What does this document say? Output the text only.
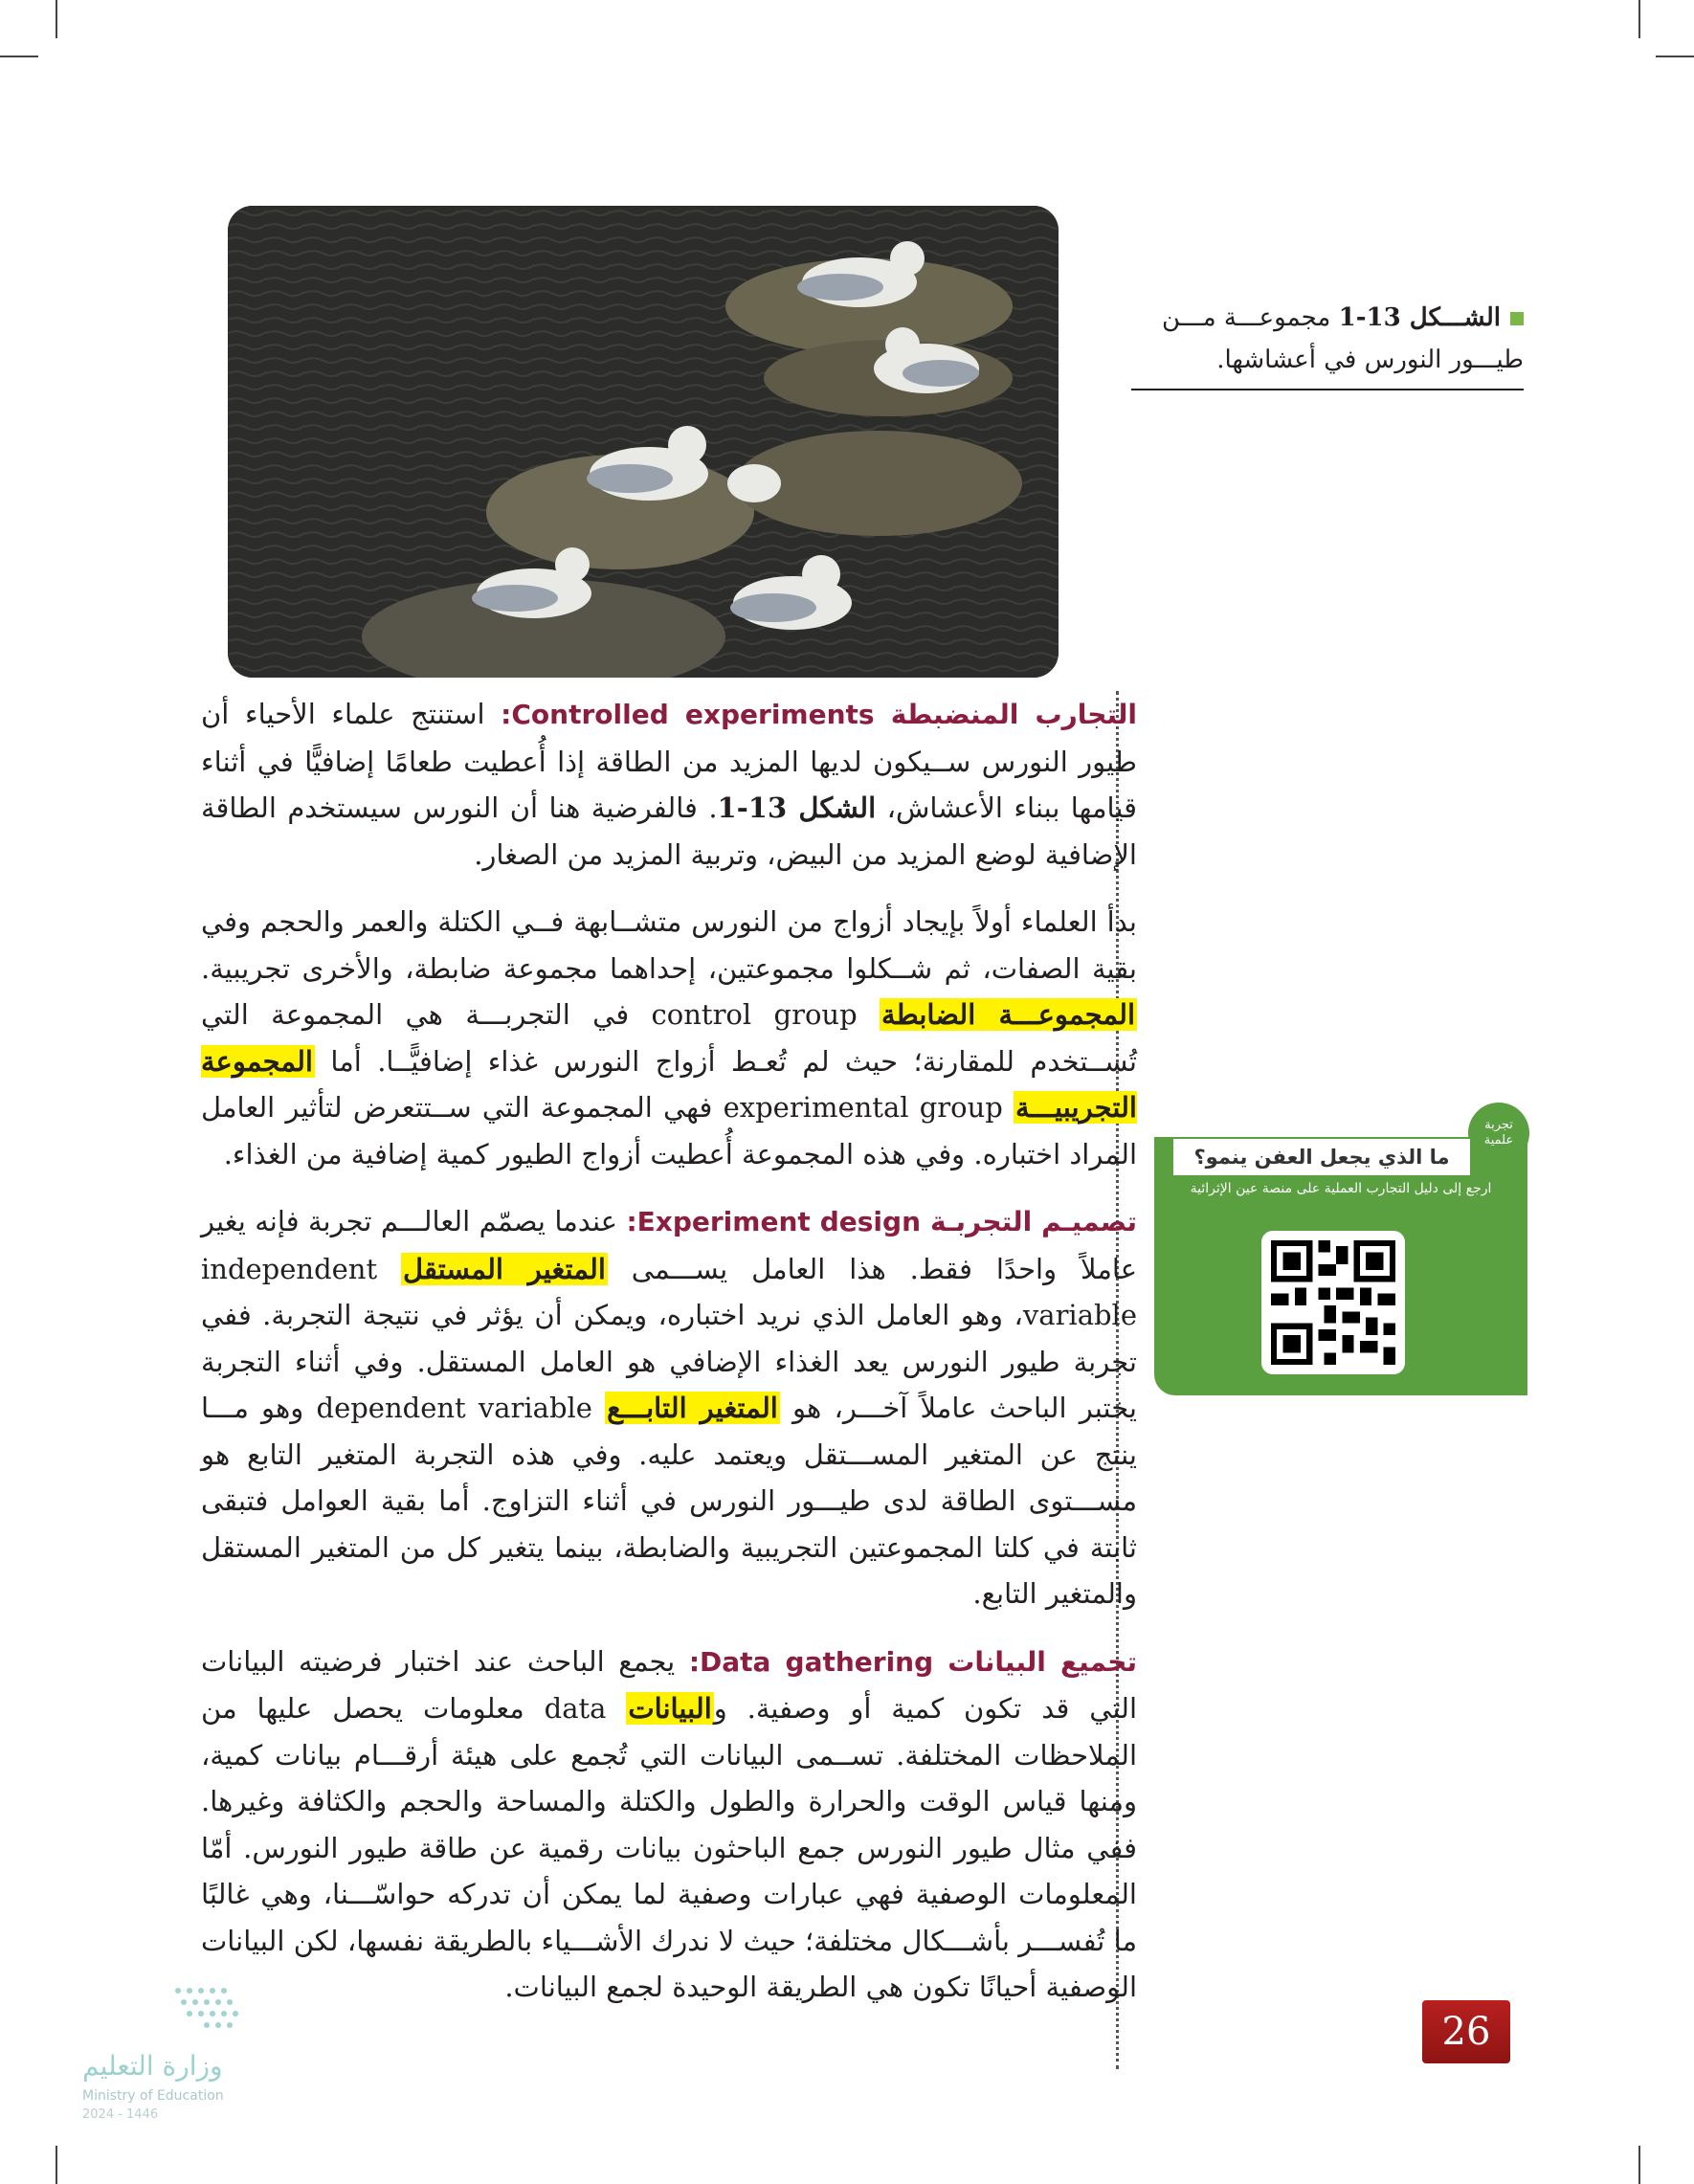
الشـــكل 13-1 مجموعـــة مـــن طيـــور النورس في أعشاشها.

التجارب المنضبطة Controlled experiments: استنتج علماء الأحياء أن طيور النورس ســيكون لديها المزيد من الطاقة إذا أُعطيت طعامًا إضافيًّا في أثناء قيامها ببناء الأعشاش، الشكل 13-1. فالفرضية هنا أن النورس سيستخدم الطاقة الإضافية لوضع المزيد من البيض، وتربية المزيد من الصغار.

بدأ العلماء أولاً بإيجاد أزواج من النورس متشــابهة فــي الكتلة والعمر والحجم وفي بقية الصفات، ثم شــكلوا مجموعتين، إحداهما مجموعة ضابطة، والأخرى تجريبية. المجموعـــة الضابطة control group في التجربـــة هي المجموعة التي تُســتخدم للمقارنة؛ حيث لم تُعـط أزواج النورس غذاء إضافيًّــا. أما المجموعة التجريبيـــة experimental group فهي المجموعة التي ســتتعرض لتأثير العامل المراد اختباره. وفي هذه المجموعة أُعطيت أزواج الطيور كمية إضافية من الغذاء.

تصميـم التجربـة Experiment design: عندما يصمّم العالـــم تجربة فإنه يغير عاملاً واحدًا فقط. هذا العامل يســـمى المتغير المستقل independent variable، وهو العامل الذي نريد اختباره، ويمكن أن يؤثر في نتيجة التجربة. ففي تجربة طيور النورس يعد الغذاء الإضافي هو العامل المستقل. وفي أثناء التجربة يختبر الباحث عاملاً آخـــر، هو المتغير التابـــع dependent variable وهو مـــا ينتج عن المتغير المســـتقل ويعتمد عليه. وفي هذه التجربة المتغير التابع هو مســـتوى الطاقة لدى طيـــور النورس في أثناء التزاوج. أما بقية العوامل فتبقى ثابتة في كلتا المجموعتين التجريبية والضابطة، بينما يتغير كل من المتغير المستقل والمتغير التابع.

تجميع البيانات Data gathering: يجمع الباحث عند اختبار فرضيته البيانات التي قد تكون كمية أو وصفية. والبيانات data معلومات يحصل عليها من الملاحظات المختلفة. تســمى البيانات التي تُجمع على هيئة أرقـــام بيانات كمية، ومنها قياس الوقت والحرارة والطول والكتلة والمساحة والحجم والكثافة وغيرها. ففي مثال طيور النورس جمع الباحثون بيانات رقمية عن طاقة طيور النورس. أمّا المعلومات الوصفية فهي عبارات وصفية لما يمكن أن تدركه حواسّـــنا، وهي غالبًا ما تُفســـر بأشـــكال مختلفة؛ حيث لا ندرك الأشـــياء بالطريقة نفسها، لكن البيانات الوصفية أحيانًا تكون هي الطريقة الوحيدة لجمع البيانات.

تجربة علمية
ما الذي يجعل العفن ينمو؟
ارجع إلى دليل التجارب العملية على منصة عين الإثرائية
26
وزارة التعليم
Ministry of Education
2024 - 1446
